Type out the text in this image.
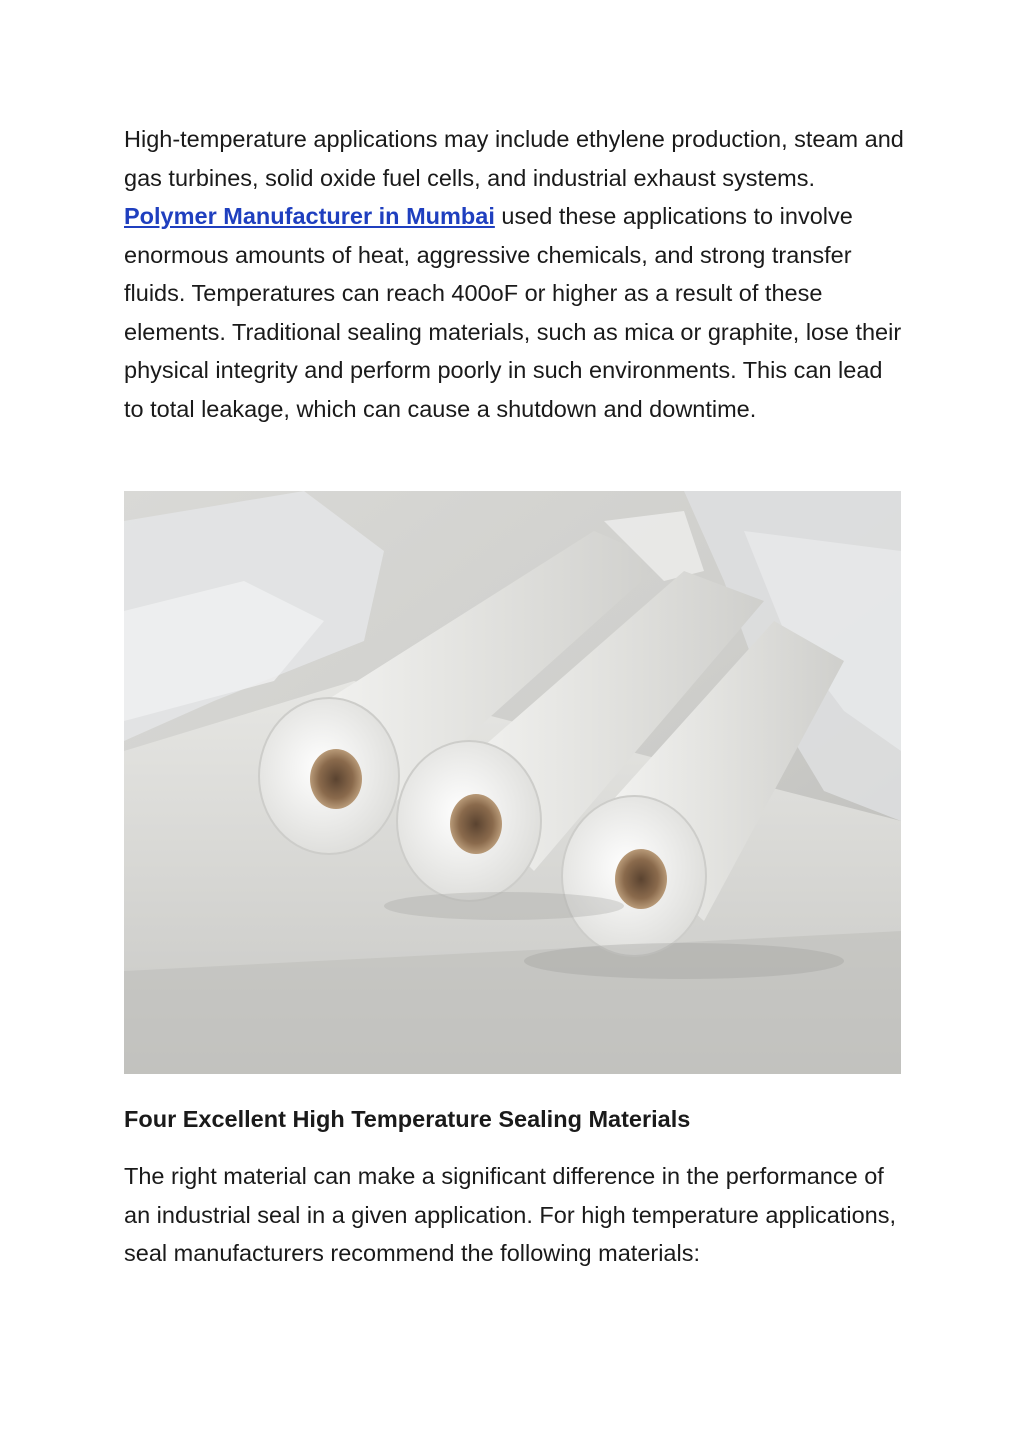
High-temperature applications may include ethylene production, steam and gas turbines, solid oxide fuel cells, and industrial exhaust systems. Polymer Manufacturer in Mumbai used these applications to involve enormous amounts of heat, aggressive chemicals, and strong transfer fluids. Temperatures can reach 400oF or higher as a result of these elements. Traditional sealing materials, such as mica or graphite, lose their physical integrity and perform poorly in such environments. This can lead to total leakage, which can cause a shutdown and downtime.

Four Excellent High Temperature Sealing Materials

The right material can make a significant difference in the performance of an industrial seal in a given application. For high temperature applications, seal manufacturers recommend the following materials:
